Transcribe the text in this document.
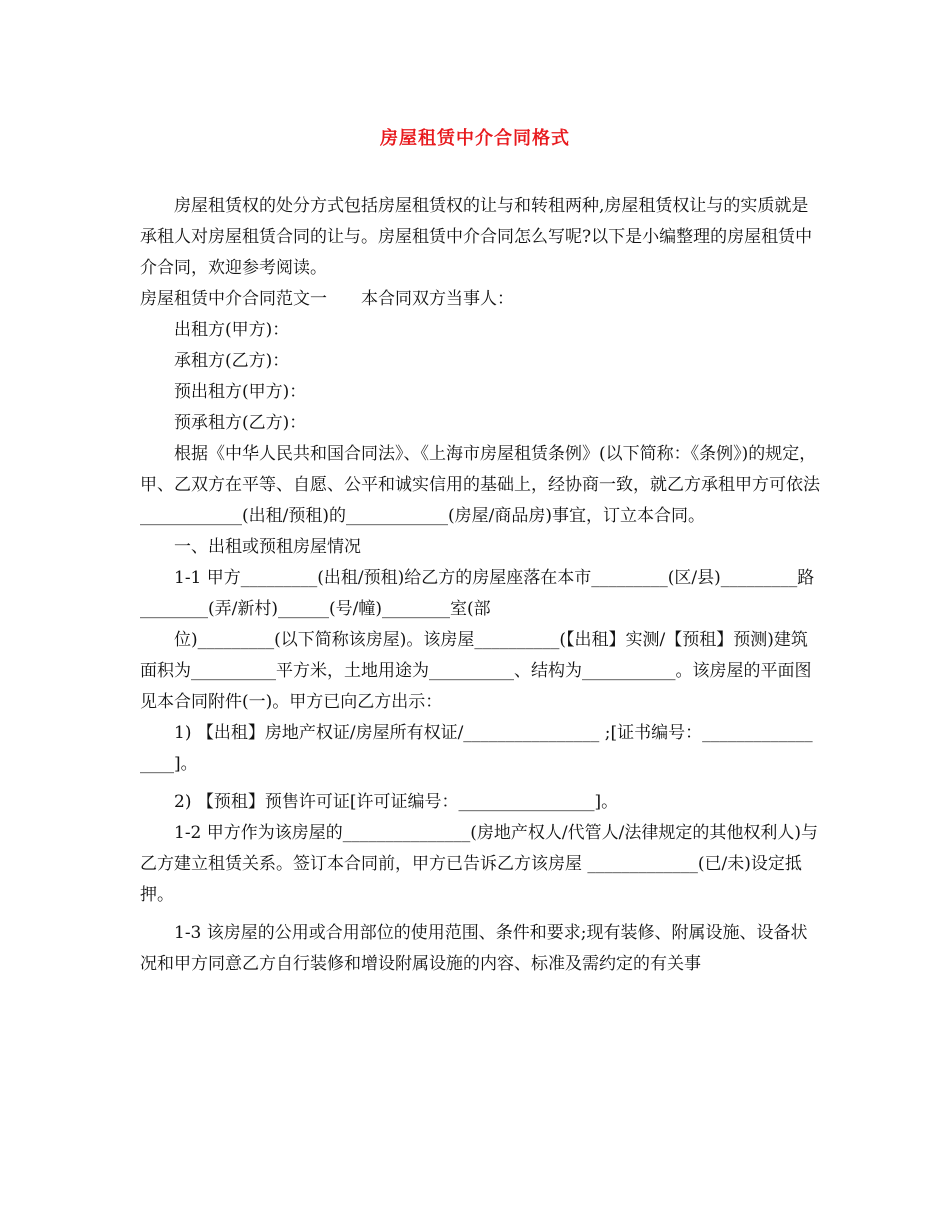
房屋租赁中介合同格式

房屋租赁权的处分方式包括房屋租赁权的让与和转租两种,房屋租赁权让与的实质就是承租人对房屋租赁合同的让与。房屋租赁中介合同怎么写呢?以下是小编整理的房屋租赁中介合同，欢迎参考阅读。

房屋租赁中介合同范文一　　本合同双方当事人：

出租方(甲方)：

承租方(乙方)：

预出租方(甲方)：

预承租方(乙方)：

根据《中华人民共和国合同法》、《上海市房屋租赁条例》(以下简称：《条例》)的规定，甲、乙双方在平等、自愿、公平和诚实信用的基础上，经协商一致，就乙方承租甲方可依法____________(出租/预租)的____________(房屋/商品房)事宜，订立本合同。

一、出租或预租房屋情况

1-1 甲方_________(出租/预租)给乙方的房屋座落在本市_________(区/县)_________路________(弄/新村)______(号/幢)________室(部

位)_________(以下简称该房屋)。该房屋__________(【出租】实测/【预租】预测)建筑面积为__________平方米，土地用途为__________、结构为___________。该房屋的平面图见本合同附件(一)。甲方已向乙方出示：

1) 【出租】房地产权证/房屋所有权证/________________ ;[证书编号：_________________]。

2) 【预租】预售许可证[许可证编号：________________]。

1-2 甲方作为该房屋的_______________(房地产权人/代管人/法律规定的其他权利人)与乙方建立租赁关系。签订本合同前，甲方已告诉乙方该房屋 _____________(已/未)设定抵押。

1-3 该房屋的公用或合用部位的使用范围、条件和要求;现有装修、附属设施、设备状况和甲方同意乙方自行装修和增设附属设施的内容、标准及需约定的有关事
